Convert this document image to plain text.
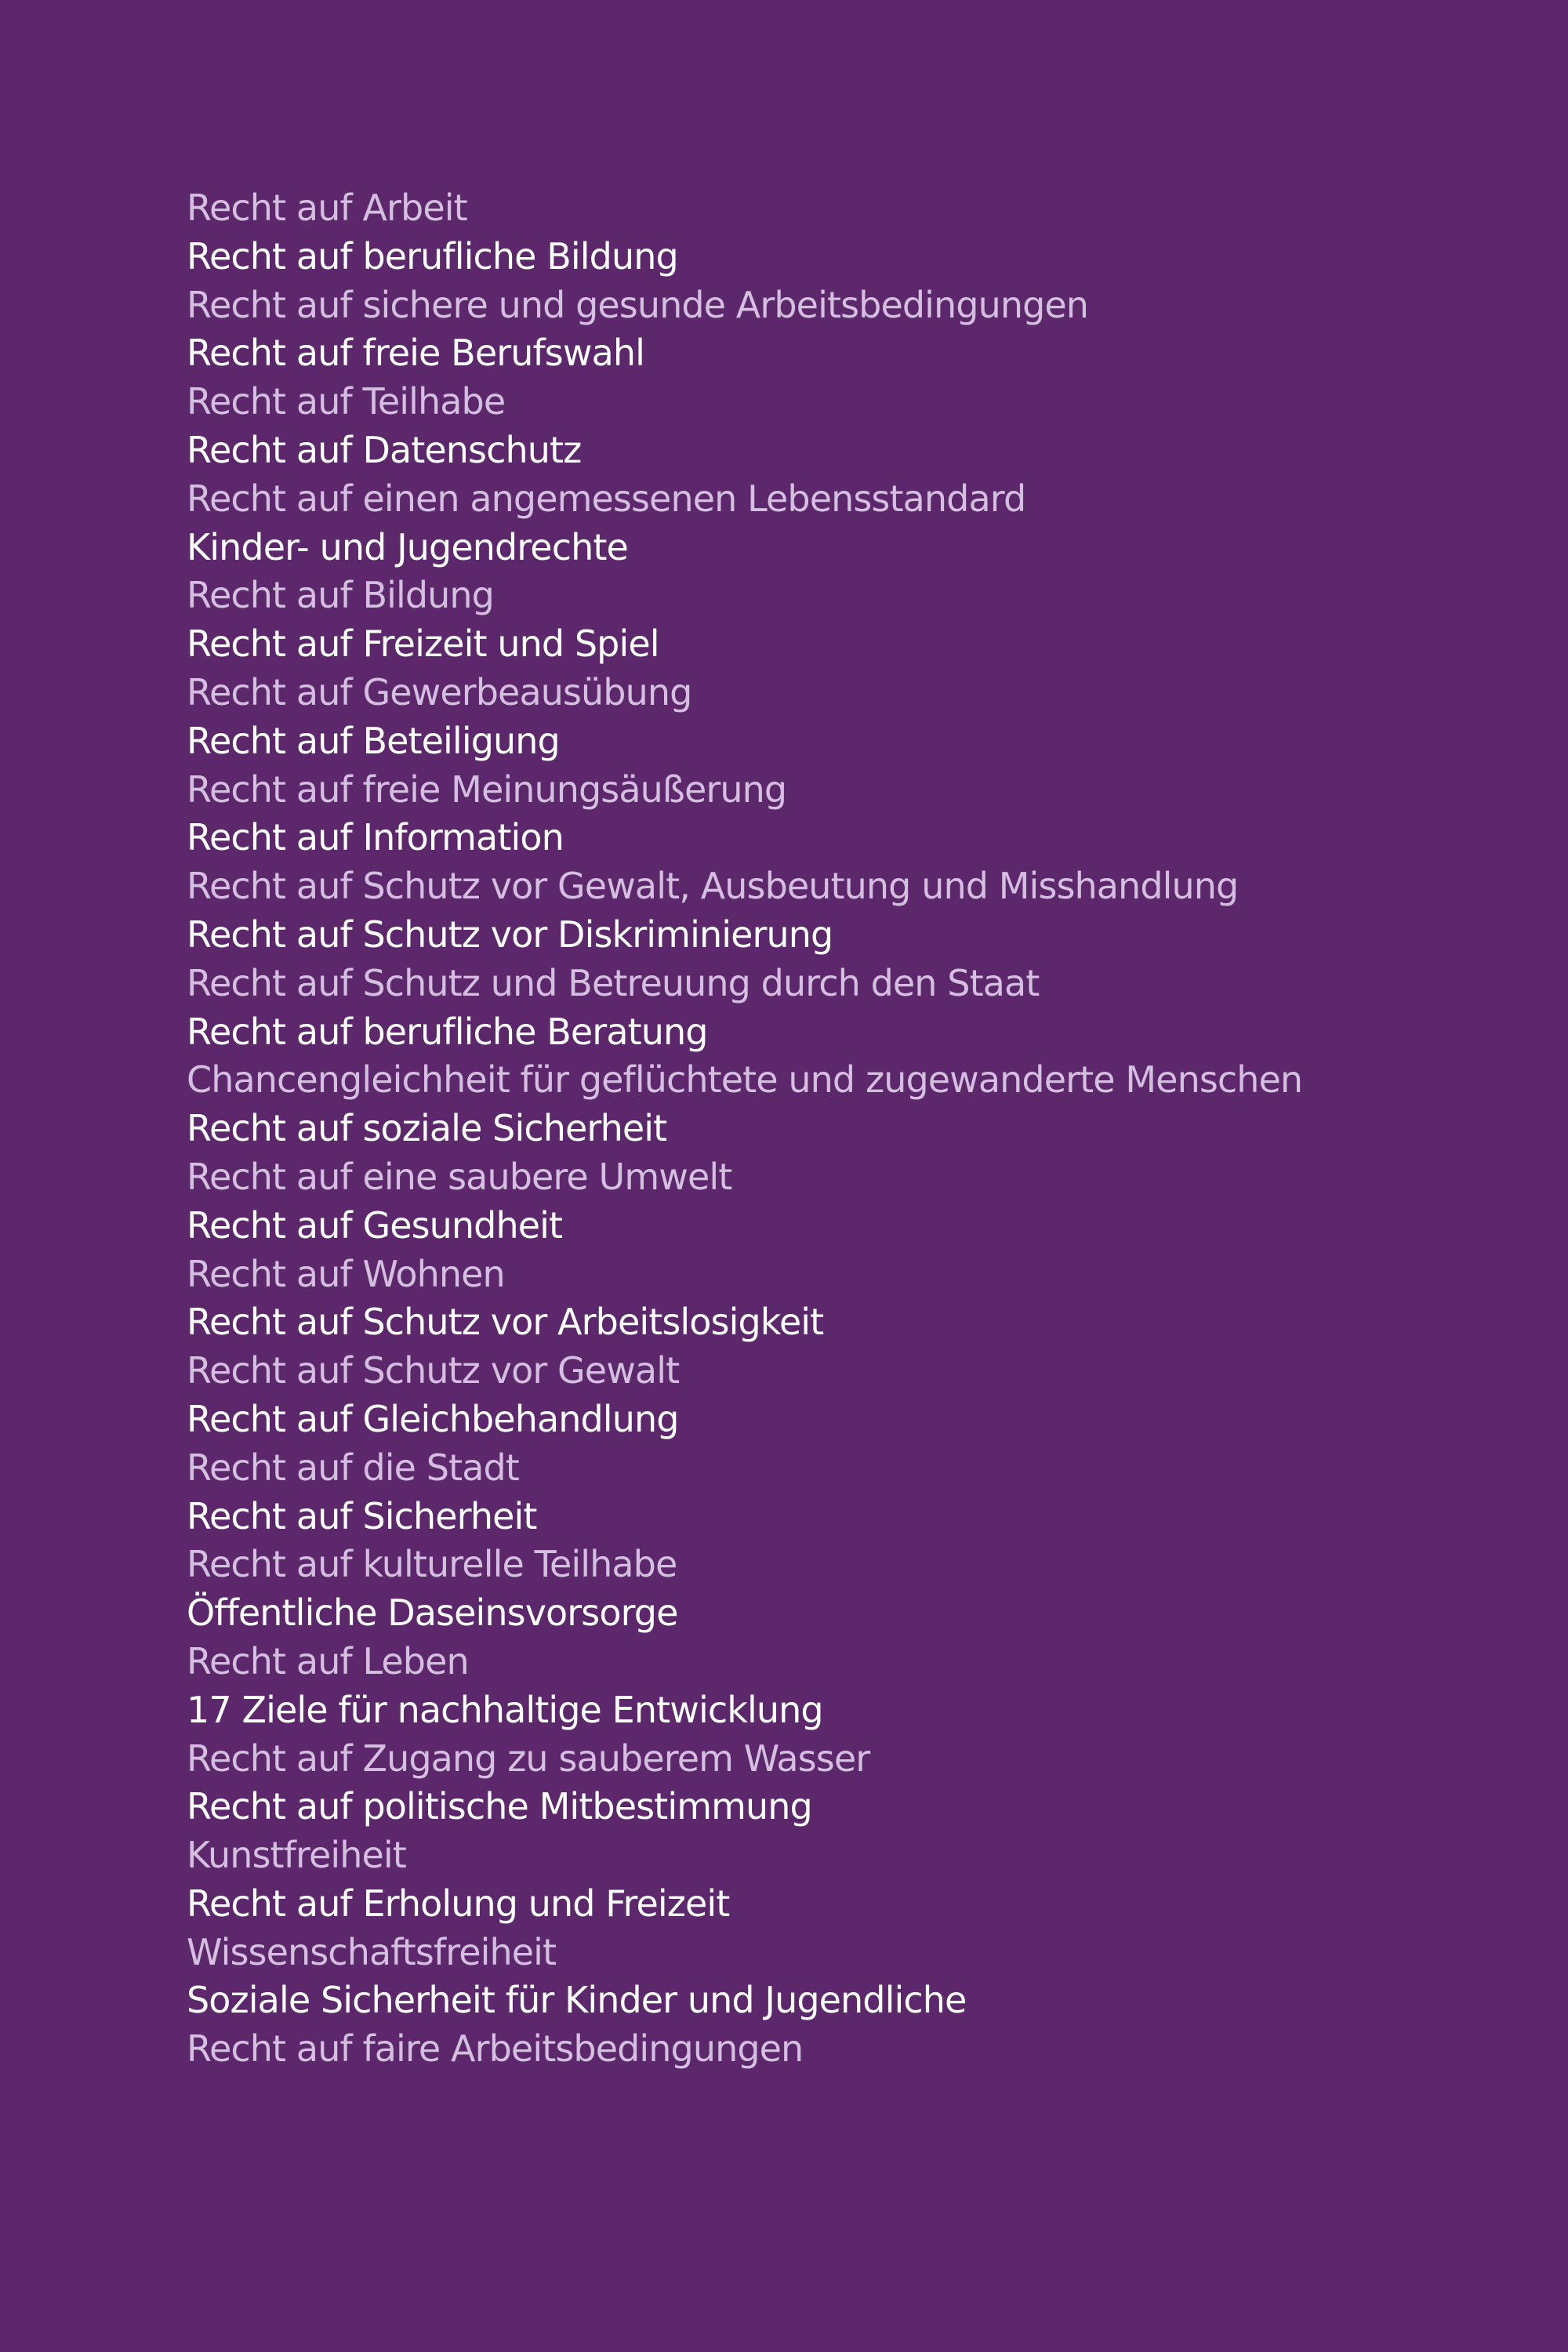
Recht auf Arbeit
Recht auf berufliche Bildung
Recht auf sichere und gesunde Arbeitsbedingungen
Recht auf freie Berufswahl
Recht auf Teilhabe
Recht auf Datenschutz
Recht auf einen angemessenen Lebensstandard
Kinder- und Jugendrechte
Recht auf Bildung
Recht auf Freizeit und Spiel
Recht auf Gewerbeausübung
Recht auf Beteiligung
Recht auf freie Meinungsäußerung
Recht auf Information
Recht auf Schutz vor Gewalt, Ausbeutung und Misshandlung
Recht auf Schutz vor Diskriminierung
Recht auf Schutz und Betreuung durch den Staat
Recht auf berufliche Beratung
Chancengleichheit für geflüchtete und zugewanderte Menschen
Recht auf soziale Sicherheit
Recht auf eine saubere Umwelt
Recht auf Gesundheit
Recht auf Wohnen
Recht auf Schutz vor Arbeitslosigkeit
Recht auf Schutz vor Gewalt
Recht auf Gleichbehandlung
Recht auf die Stadt
Recht auf Sicherheit
Recht auf kulturelle Teilhabe
Öffentliche Daseinsvorsorge
Recht auf Leben
17 Ziele für nachhaltige Entwicklung
Recht auf Zugang zu sauberem Wasser
Recht auf politische Mitbestimmung
Kunstfreiheit
Recht auf Erholung und Freizeit
Wissenschaftsfreiheit
Soziale Sicherheit für Kinder und Jugendliche
Recht auf faire Arbeitsbedingungen
